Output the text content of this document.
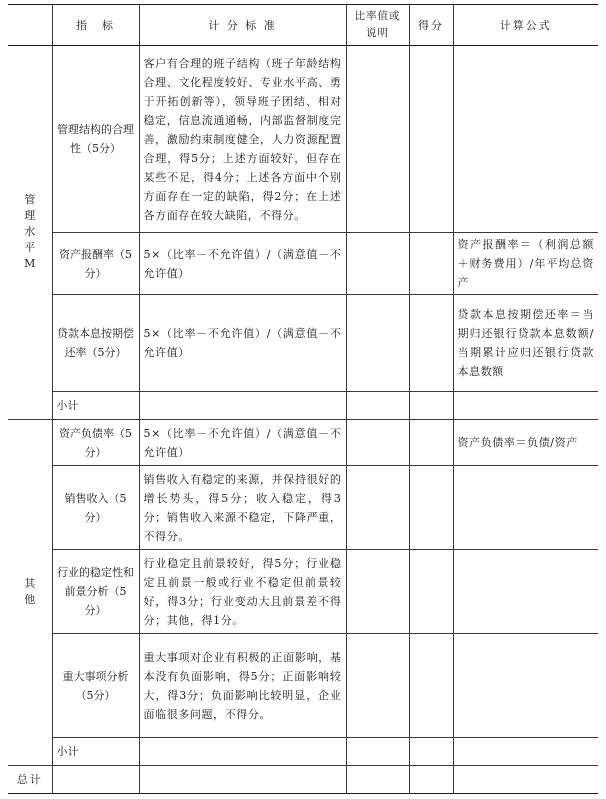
	指　标	计 分 标 准	比率值或说明	得分	计算公式
管理水平M	管理结构的合理性（5分）	客户有合理的班子结构（班子年龄结构合理、文化程度较好、专业水平高、勇于开拓创新等），领导班子团结、相对稳定，信息流通通畅，内部监督制度完善，激励约束制度健全，人力资源配置合理，得5分；上述方面较好，但存在某些不足，得4分；上述各方面中个别方面存在一定的缺陷，得2分；在上述各方面存在较大缺陷，不得分。			
	资产报酬率（5分）	5×（比率－不允许值）/（满意值－不允许值）			资产报酬率＝（利润总额＋财务费用）/年平均总资产
	贷款本息按期偿还率（5分）	5×（比率－不允许值）/（满意值－不允许值）			贷款本息按期偿还率＝当期归还银行贷款本息数额/当期累计应归还银行贷款本息数额
	小计				
其他	资产负债率（5分）	5×（比率－不允许值）/（满意值－不允许值）			资产负债率＝负债/资产
	销售收入（5分）	销售收入有稳定的来源，并保持很好的增长势头，得5分；收入稳定，得3分；销售收入来源不稳定，下降严重，不得分。			
	行业的稳定性和前景分析（5分）	行业稳定且前景较好，得5分；行业稳定且前景一般或行业不稳定但前景较好，得3分；行业变动大且前景差不得分；其他，得1分。			
	重大事项分析（5分）	重大事项对企业有积极的正面影响，基本没有负面影响，得5分；正面影响较大，得3分；负面影响比较明显，企业面临很多问题，不得分。			
	小计				
总计					
